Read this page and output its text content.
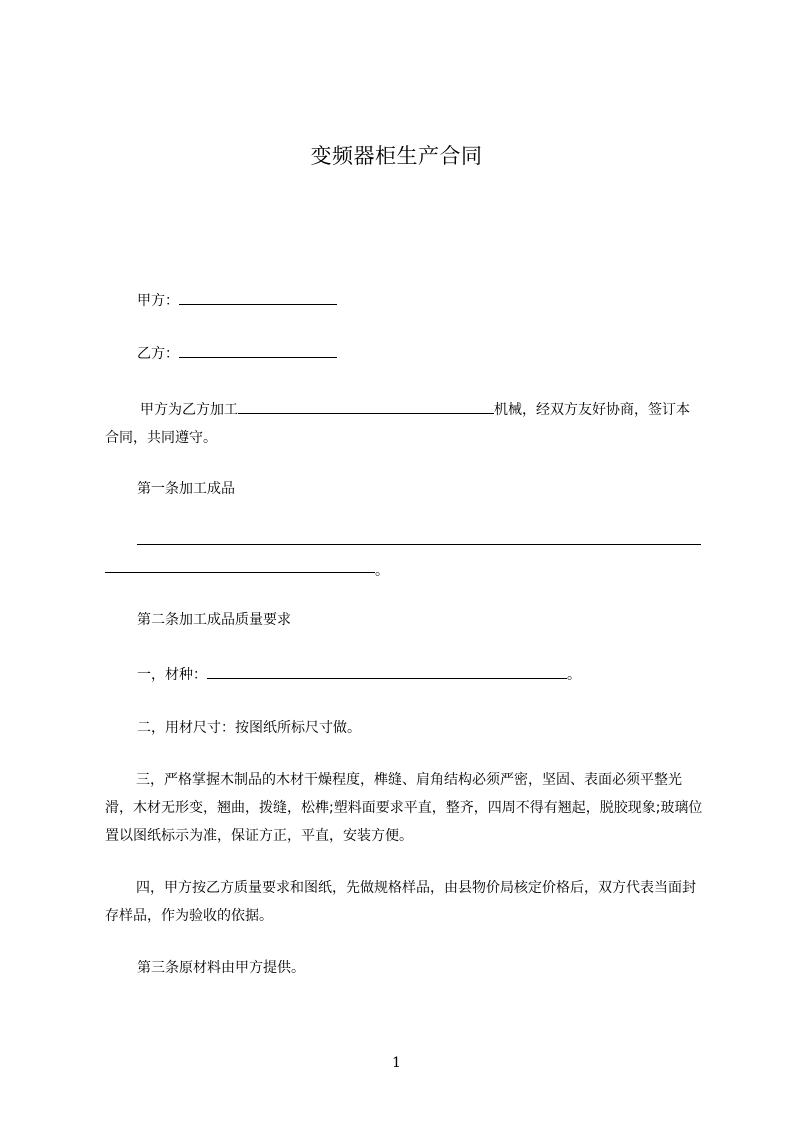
变频器柜生产合同
甲方：
乙方：
甲方为乙方加工	机械，经双方友好协商，签订本合同，共同遵守。
第一条加工成品
。
第二条加工成品质量要求
一，材种：	。
二，用材尺寸：按图纸所标尺寸做。
三，严格掌握木制品的木材干燥程度，榫缝、肩角结构必须严密，坚固、表面必须平整光滑，木材无形变，翘曲，拨缝，松榫;塑料面要求平直，整齐，四周不得有翘起，脱胶现象;玻璃位置以图纸标示为准，保证方正，平直，安装方便。
四，甲方按乙方质量要求和图纸，先做规格样品，由县物价局核定价格后，双方代表当面封存样品，作为验收的依据。
第三条原材料由甲方提供。
1
